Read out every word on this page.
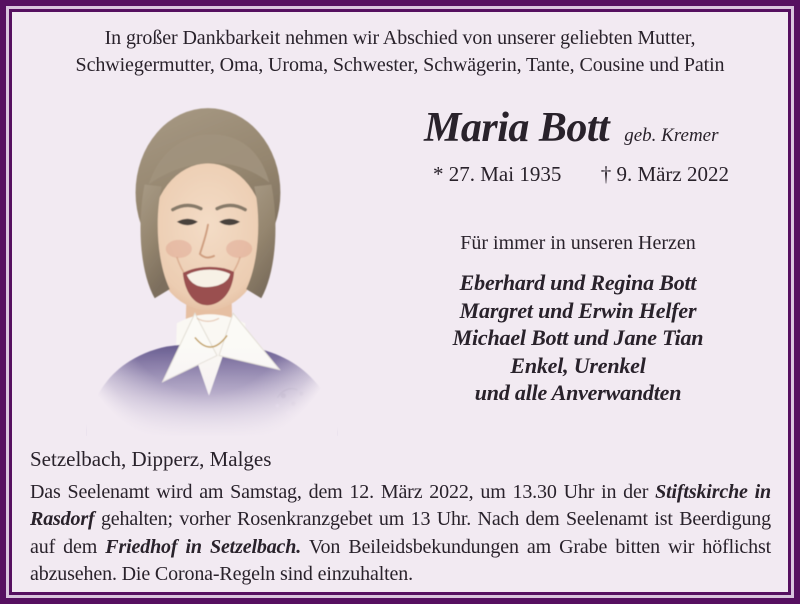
In großer Dankbarkeit nehmen wir Abschied von unserer geliebten Mutter,
Schwiegermutter, Oma, Uroma, Schwester, Schwägerin, Tante, Cousine und Patin
Maria Bott geb. Kremer
* 27. Mai 1935 † 9. März 2022
Für immer in unseren Herzen
Eberhard und Regina Bott
Margret und Erwin Helfer
Michael Bott und Jane Tian
Enkel, Urenkel
und alle Anverwandten
Setzelbach, Dipperz, Malges
Das Seelenamt wird am Samstag, dem 12. März 2022, um 13.30 Uhr in der Stiftskirche in Rasdorf gehalten; vorher Rosenkranzgebet um 13 Uhr. Nach dem Seelenamt ist Beerdigung auf dem Friedhof in Setzelbach. Von Beileidsbekundungen am Grabe bitten wir höflichst abzusehen. Die Corona-Regeln sind einzuhalten.
